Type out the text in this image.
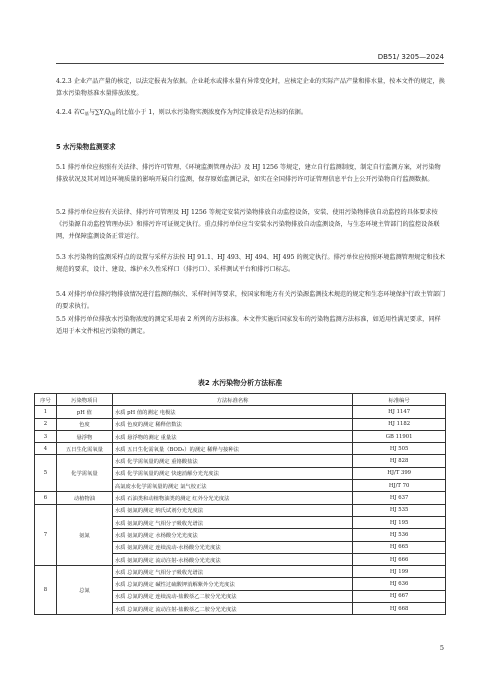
DB51/ 3205—2024
4.2.3 企业产品产量的核定，以法定报表为依据。企业耗水或排水量有异常变化时，应核定企业的实际产品产量和排水量，按本文件的规定，换算水污染物基准水量排放浓度。
4.2.4 若$C_基$与$\sum Y_iQ_{i基}$的比值小于 1，则以水污染物实测浓度作为判定排放是否达标的依据。
5 水污染物监测要求
5.1 排污单位应按照有关法律、排污许可管理、《环境监测管理办法》及 HJ 1256 等规定，建立自行监测制度，制定自行监测方案，对污染物排放状况及其对周边环境质量的影响开展自行监测，保存原始监测记录，如实在全国排污许可证管理信息平台上公开污染物自行监测数据。
5.2 排污单位应按有关法律、排污许可管理及 HJ 1256 等规定安装污染物排放自动监控设备，安装、使用污染物排放自动监控的具体要求按《污染源自动监控管理办法》和排污许可证规定执行。重点排污单位应当安装水污染物排放自动监测设备，与生态环境主管部门的监控设备联网，并保障监测设备正常运行。
5.3 水污染物的监测采样点的设置与采样方法按 HJ 91.1、HJ 493、HJ 494、HJ 495 的规定执行。排污单位应按照环境监测管理规定和技术规范的要求，设计、建设、维护永久性采样口（排污口）、采样测试平台和排污口标志。
5.4 对排污单位排污物排放情况进行监测的频次、采样时间等要求，按国家和地方有关污染源监测技术规范的规定和生态环境保护行政主管部门的要求执行。
5.5 对排污单位排放水污染物浓度的测定采用表 2 所列的方法标准。本文件实施后国家发布的污染物监测方法标准，如适用性满足要求，同样适用于本文件相应污染物的测定。
表2 水污染物分析方法标准
序号	污染物项目	方法标准名称	标准编号
1	pH 值	水质 pH 值的测定 电极法	HJ 1147
2	色度	水质 色度的测定 稀释倍数法	HJ 1182
3	悬浮物	水质 悬浮物的测定 重量法	GB 11901
4	五日生化需氧量	水质 五日生化需氧量（BOD₅）的测定 稀释与接种法	HJ 505
5	化学需氧量	水质 化学需氧量的测定 重铬酸盐法	HJ 828
		水质 化学需氧量的测定 快速消解分光光度法	HJ/T 399
		高氯废水化学需氧量的测定 氯气校正法	HJ/T 70
6	动植物油	水质 石油类和动植物油类的测定 红外分光光度法	HJ 637
7	氨氮	水质 氨氮的测定 纳氏试剂分光光度法	HJ 535
		水质 氨氮的测定 气相分子吸收光谱法	HJ 195
		水质 氨氮的测定 水杨酸分光光度法	HJ 536
		水质 氨氮的测定 连续流动-水杨酸分光光度法	HJ 665
		水质 氨氮的测定 流动注射-水杨酸分光光度法	HJ 666
8	总氮	水质 总氮的测定 气相分子吸收光谱法	HJ 199
		水质 总氮的测定 碱性过硫酸钾消解紫外分光光度法	HJ 636
		水质 总氮的测定 连续流动-盐酸萘乙二胺分光光度法	HJ 667
		水质 总氮的测定 流动注射-盐酸萘乙二胺分光光度法	HJ 668
5
